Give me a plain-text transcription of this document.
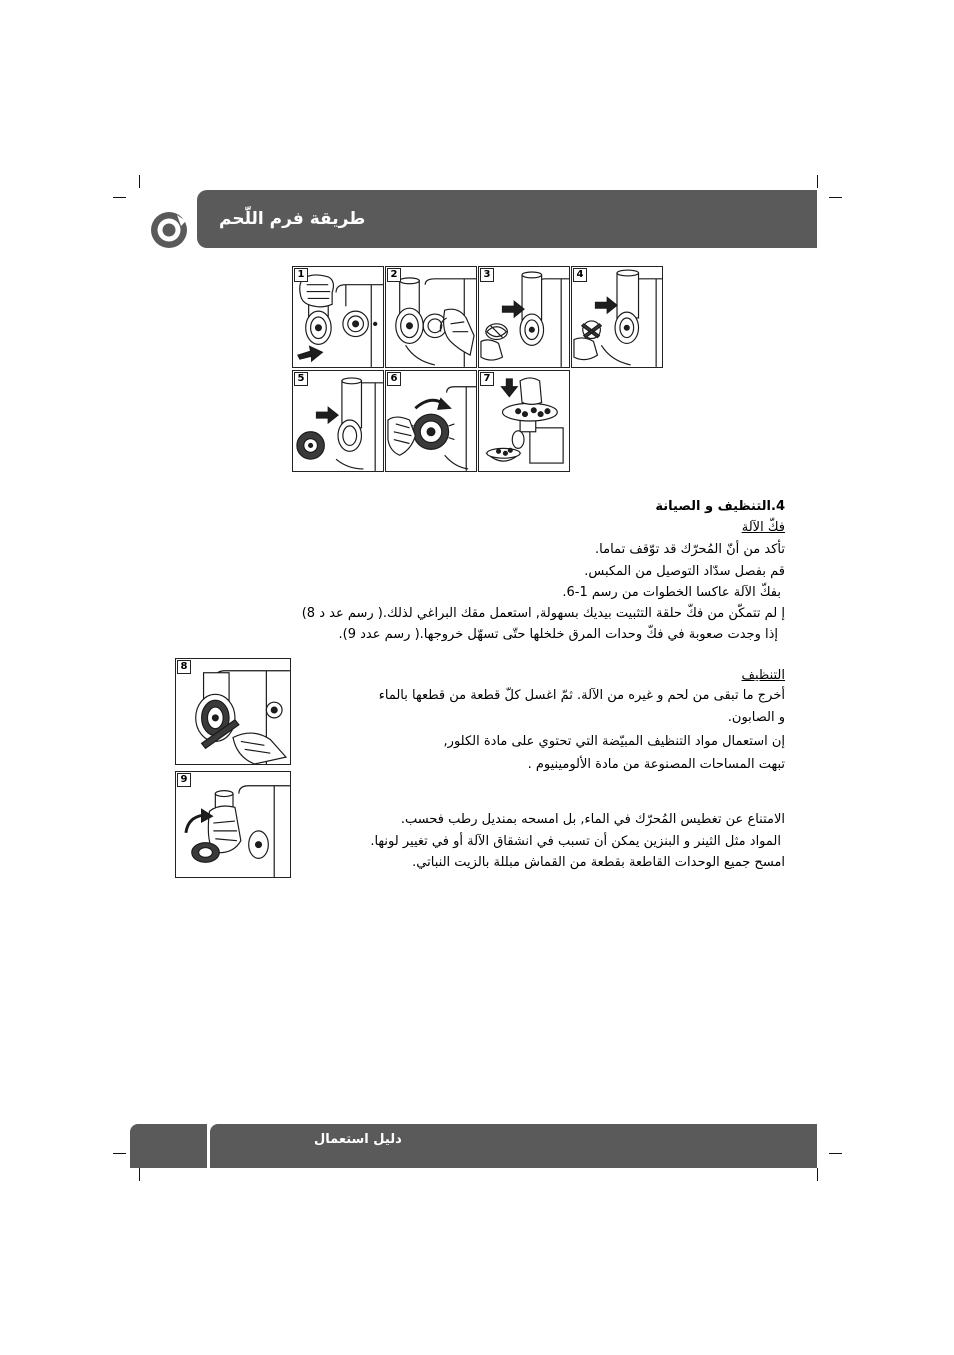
طريقة فرم اللّحم
1	2	3	4
5	6	7
8
9
4.التنظيف و الصيانة
فكّ الآلة
تأكد من أنّ المُحرّك قد توّقف تماما.
قم بفصل سدّاد التوصيل من المكبس.
بفكّ الآلة عاكسا الخطوات من رسم 1-6.
إ لم تتمكّن من فكّ حلقة التثبيت بيديك بسهولة, استعمل مقك البراغي لذلك.( رسم عد د 8)
إذا وجدت صعوبة في فكّ وحدات المرق خلخلها حتّى تسهّل خروجها.( رسم عدد 9).
التنظيف
أخرج ما تبقى من لحم و غيره من الآلة. ثمّ اغسل كلّ قطعة من قطعها بالماء
و الصابون.
إن استعمال مواد التنظيف المبيّضة التي تحتوي على مادة الكلور,
تبهت المساحات المصنوعة من مادة الألومينيوم .
الامتناع عن تغطيس المُحرّك في الماء, بل امسحه بمنديل رطب فحسب.
المواد مثل الثينر و البنزين يمكن أن تسبب في انشقاق الآلة أو في تغيير لونها.
امسح جميع الوحدات القاطعة بقطعة من القماش مبللة بالزيت النباتي.
دليل استعمال
